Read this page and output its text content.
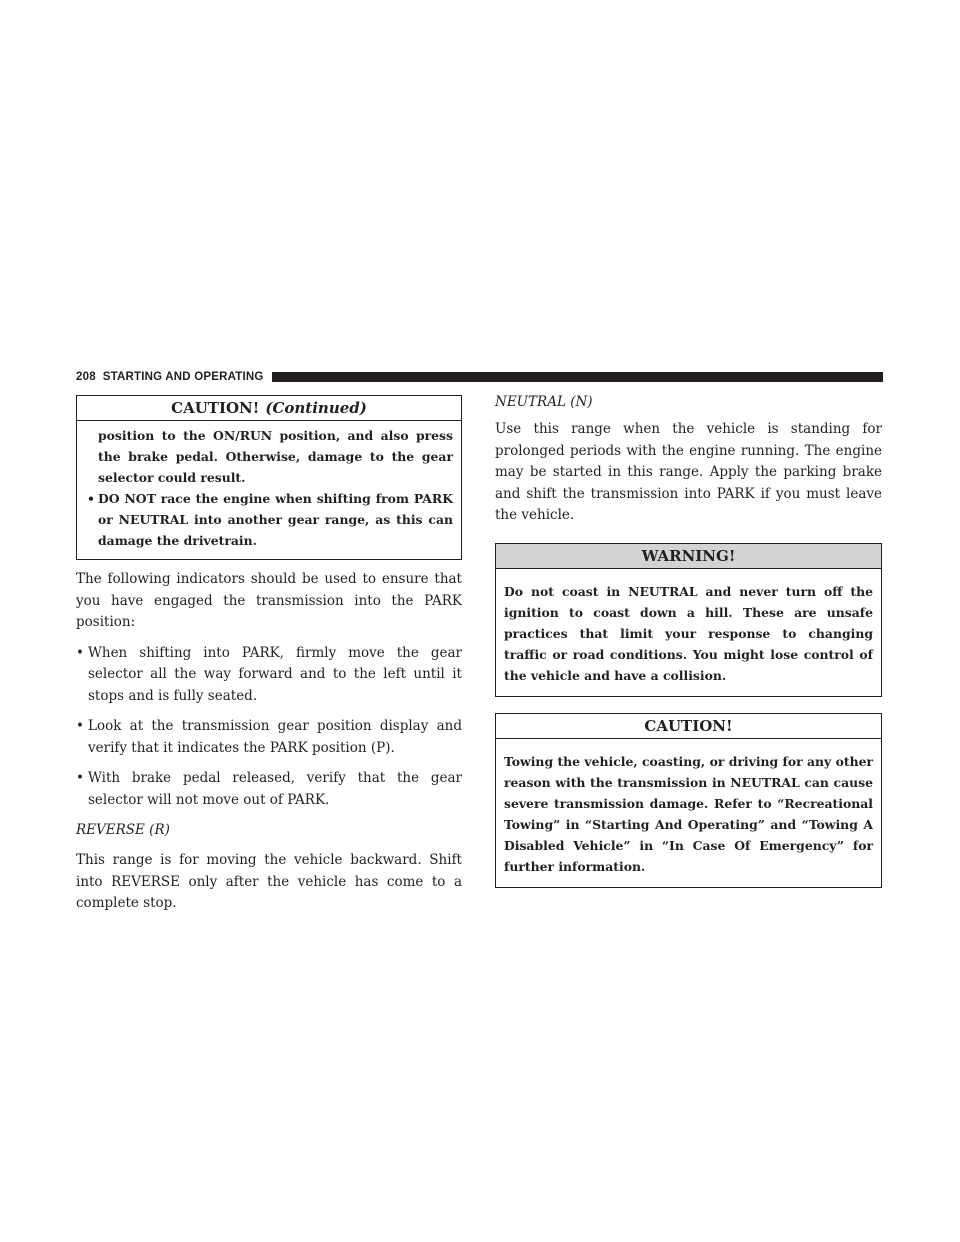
208 STARTING AND OPERATING
CAUTION! (Continued)

position to the ON/RUN position, and also press the brake pedal. Otherwise, damage to the gear selector could result.

• DO NOT race the engine when shifting from PARK or NEUTRAL into another gear range, as this can damage the drivetrain.

The following indicators should be used to ensure that you have engaged the transmission into the PARK position:

• When shifting into PARK, firmly move the gear selector all the way forward and to the left until it stops and is fully seated.
• Look at the transmission gear position display and verify that it indicates the PARK position (P).
• With brake pedal released, verify that the gear selector will not move out of PARK.

REVERSE (R)

This range is for moving the vehicle backward. Shift into REVERSE only after the vehicle has come to a complete stop.

NEUTRAL (N)

Use this range when the vehicle is standing for prolonged periods with the engine running. The engine may be started in this range. Apply the parking brake and shift the transmission into PARK if you must leave the vehicle.

WARNING!
Do not coast in NEUTRAL and never turn off the ignition to coast down a hill. These are unsafe practices that limit your response to changing traffic or road conditions. You might lose control of the vehicle and have a collision.
CAUTION!
Towing the vehicle, coasting, or driving for any other reason with the transmission in NEUTRAL can cause severe transmission damage. Refer to “Recreational Towing” in “Starting And Operating” and “Towing A Disabled Vehicle” in “In Case Of Emergency” for further information.
